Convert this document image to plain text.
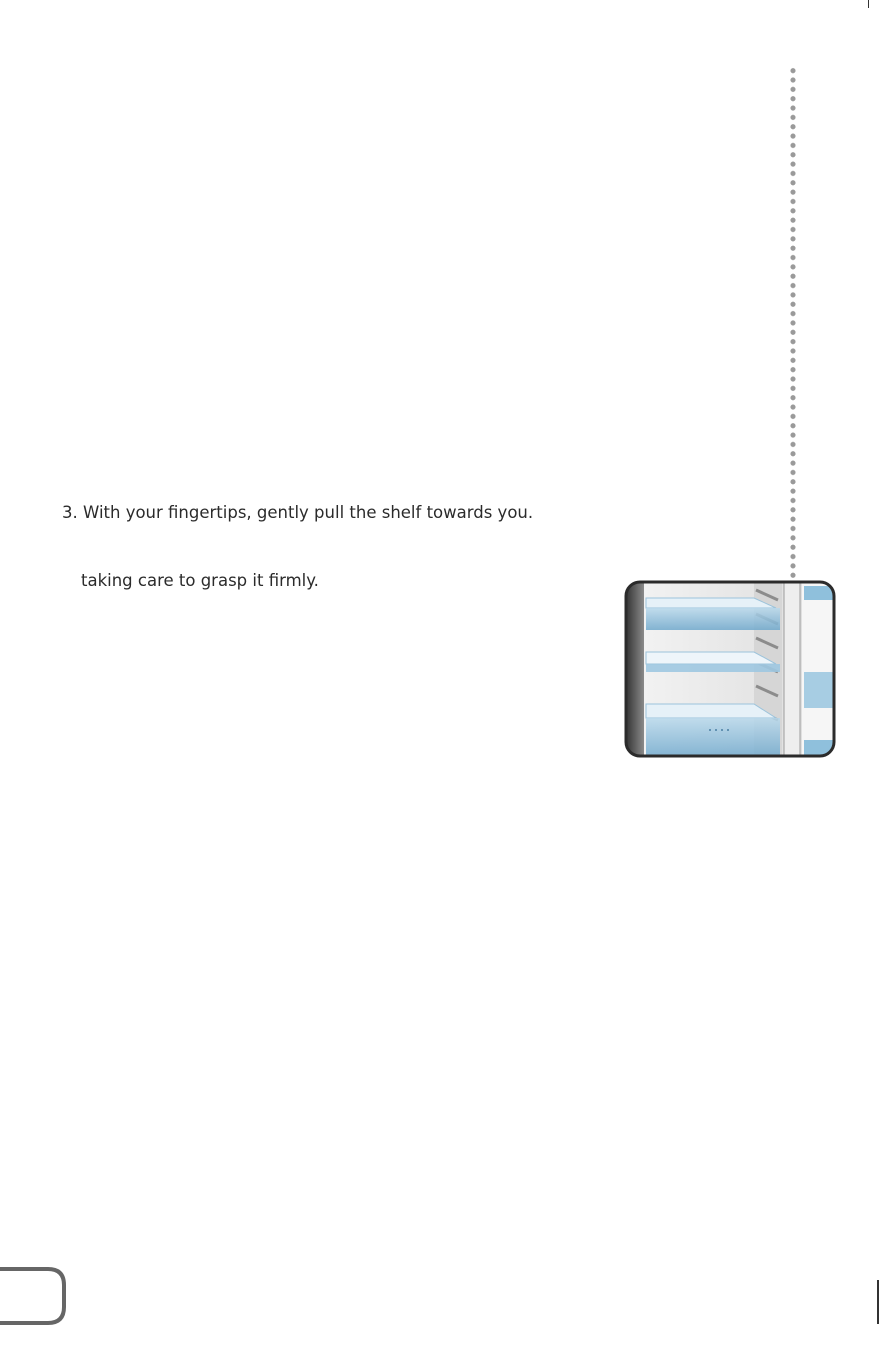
3. With your fingertips, gently pull the shelf towards you.

taking care to grasp it firmly.
